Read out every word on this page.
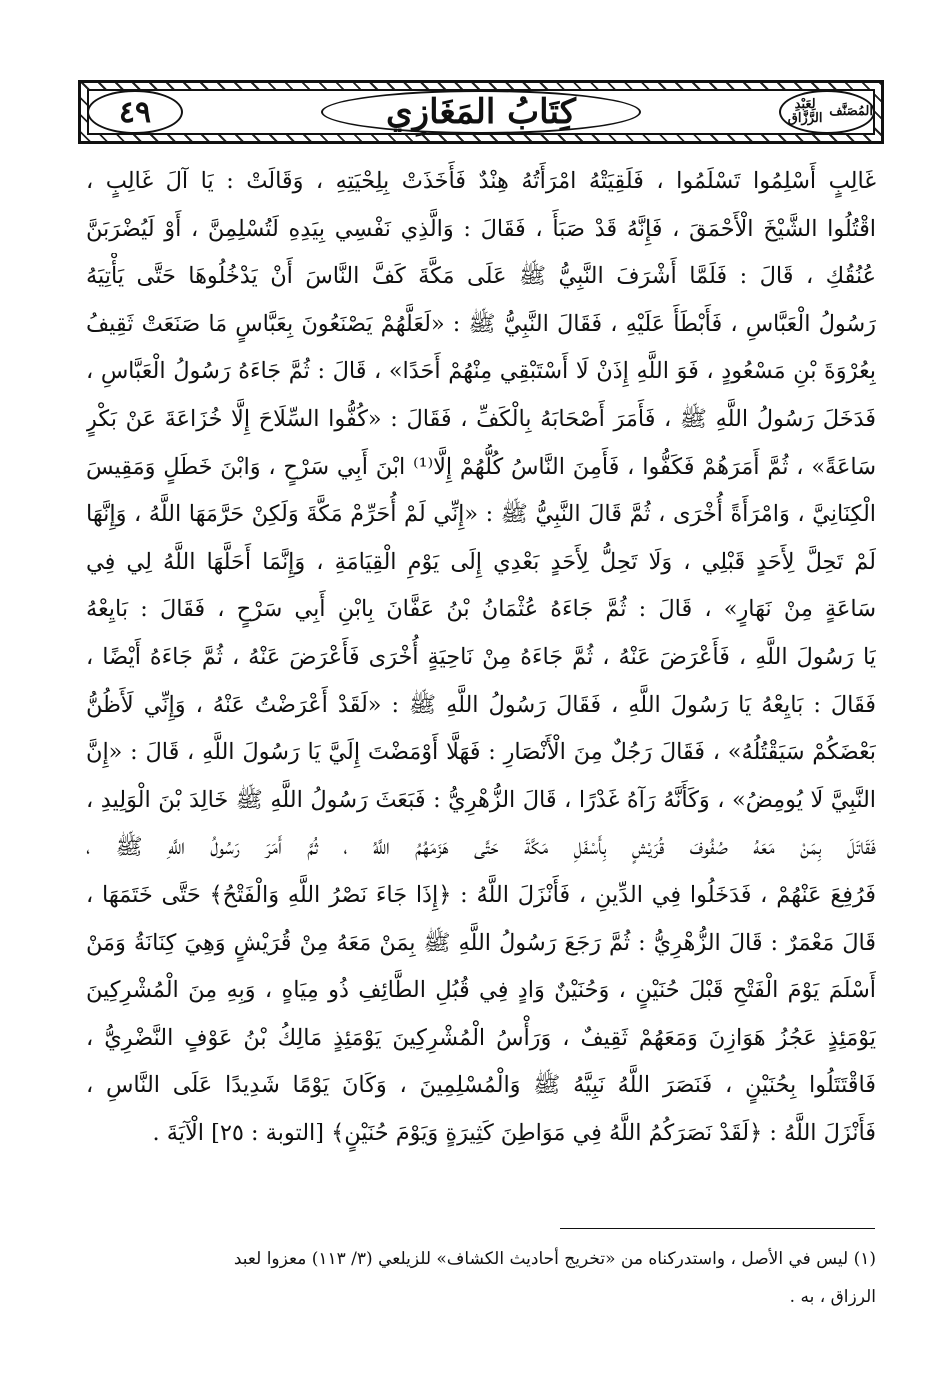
٤٩	كِتَابُ المَغَازِي	المُصَنَّف
لِعَبْدِ الرَّزَّاق
غَالِبٍ أَسْلِمُوا تَسْلَمُوا ، فَلَقِيَتْهُ امْرَأَتُهُ هِنْدٌ فَأَخَذَتْ بِلِحْيَتِهِ ، وَقَالَتْ : يَا آلَ غَالِبٍ ،
اقْتُلُوا الشَّيْخَ الْأَحْمَقَ ، فَإِنَّهُ قَدْ صَبَأَ ، فَقَالَ : وَالَّذِي نَفْسِي بِيَدِهِ لَتُسْلِمِنَّ ، أَوْ لَيُضْرَبَنَّ
عُنُقُكِ ، قَالَ : فَلَمَّا أَشْرَفَ النَّبِيُّ ﷺ عَلَى مَكَّةَ كَفَّ النَّاسَ أَنْ يَدْخُلُوهَا حَتَّى يَأْتِيَهُ
رَسُولُ الْعَبَّاسِ ، فَأَبْطَأَ عَلَيْهِ ، فَقَالَ النَّبِيُّ ﷺ : «لَعَلَّهُمْ يَصْنَعُونَ بِعَبَّاسٍ مَا صَنَعَتْ ثَقِيفُ
بِعُرْوَةَ بْنِ مَسْعُودٍ ، فَوَ اللَّهِ إِذَنْ لَا أَسْتَبْقِي مِنْهُمْ أَحَدًا» ، قَالَ : ثُمَّ جَاءَهُ رَسُولُ الْعَبَّاسِ ،
فَدَخَلَ رَسُولُ اللَّهِ ﷺ ، فَأَمَرَ أَصْحَابَهُ بِالْكَفِّ ، فَقَالَ : «كُفُّوا السِّلَاحَ إِلَّا خُزَاعَةَ عَنْ بَكْرٍ
سَاعَةً» ، ثُمَّ أَمَرَهُمْ فَكَفُّوا ، فَأَمِنَ النَّاسُ كُلُّهُمْ إِلَّا⁽¹⁾ ابْنَ أَبِي سَرْحٍ ، وَابْنَ خَطَلٍ وَمَقِيسَ
الْكِنَانِيَّ ، وَامْرَأَةً أُخْرَى ، ثُمَّ قَالَ النَّبِيُّ ﷺ : «إِنِّي لَمْ أُحَرِّمْ مَكَّةَ وَلَكِنْ حَرَّمَهَا اللَّهُ ، وَإِنَّهَا
لَمْ تَحِلَّ لِأَحَدٍ قَبْلِي ، وَلَا تَحِلُّ لِأَحَدٍ بَعْدِي إِلَى يَوْمِ الْقِيَامَةِ ، وَإِنَّمَا أَحَلَّهَا اللَّهُ لِي فِي
سَاعَةٍ مِنْ نَهَارٍ» ، قَالَ : ثُمَّ جَاءَهُ عُثْمَانُ بْنُ عَفَّانَ بِابْنِ أَبِي سَرْحٍ ، فَقَالَ : بَايِعْهُ
يَا رَسُولَ اللَّهِ ، فَأَعْرَضَ عَنْهُ ، ثُمَّ جَاءَهُ مِنْ نَاحِيَةٍ أُخْرَى فَأَعْرَضَ عَنْهُ ، ثُمَّ جَاءَهُ أَيْضًا ،
فَقَالَ : بَايِعْهُ يَا رَسُولَ اللَّهِ ، فَقَالَ رَسُولُ اللَّهِ ﷺ : «لَقَدْ أَعْرَضْتُ عَنْهُ ، وَإِنِّي لَأَظُنُّ
بَعْضَكُمْ سَيَقْتُلُهُ» ، فَقَالَ رَجُلٌ مِنَ الْأَنْصَارِ : فَهَلَّا أَوْمَضْتَ إِلَيَّ يَا رَسُولَ اللَّهِ ، قَالَ : «إِنَّ
النَّبِيَّ لَا يُومِضُ» ، وَكَأَنَّهُ رَآهُ غَدْرًا ، قَالَ الزُّهْرِيُّ : فَبَعَثَ رَسُولُ اللَّهِ ﷺ خَالِدَ بْنَ الْوَلِيدِ ،
فَقَاتَلَ بِمَنْ مَعَهُ صُفُوفَ قُرَيْشٍ بِأَسْفَلِ مَكَّةَ حَتَّى هَزَمَهُمُ اللَّهُ ، ثُمَّ أَمَرَ رَسُولُ اللَّهِ ﷺ ،
فَرُفِعَ عَنْهُمْ ، فَدَخَلُوا فِي الدِّينِ ، فَأَنْزَلَ اللَّهُ : ﴿إِذَا جَاءَ نَصْرُ اللَّهِ وَالْفَتْحُ﴾ حَتَّى خَتَمَهَا ،
قَالَ مَعْمَرٌ : قَالَ الزُّهْرِيُّ : ثُمَّ رَجَعَ رَسُولُ اللَّهِ ﷺ بِمَنْ مَعَهُ مِنْ قُرَيْشٍ وَهِيَ كِنَانَةُ وَمَنْ
أَسْلَمَ يَوْمَ الْفَتْحِ قَبْلَ حُنَيْنٍ ، وَحُنَيْنٌ وَادٍ فِي قُبُلِ الطَّائِفِ ذُو مِيَاهٍ ، وَبِهِ مِنَ الْمُشْرِكِينَ
يَوْمَئِذٍ عَجُزُ هَوَازِنَ وَمَعَهُمْ ثَقِيفٌ ، وَرَأْسُ الْمُشْرِكِينَ يَوْمَئِذٍ مَالِكُ بْنُ عَوْفٍ النَّضْرِيُّ ،
فَاقْتَتَلُوا بِحُنَيْنٍ ، فَنَصَرَ اللَّهُ نَبِيَّهُ ﷺ وَالْمُسْلِمِينَ ، وَكَانَ يَوْمًا شَدِيدًا عَلَى النَّاسِ ،
فَأَنْزَلَ اللَّهُ : ﴿لَقَدْ نَصَرَكُمُ اللَّهُ فِي مَوَاطِنَ كَثِيرَةٍ وَيَوْمَ حُنَيْنٍ﴾ [التوبة : ٢٥] الْآيَةَ .
(١) ليس في الأصل ، واستدركناه من «تخريج أحاديث الكشاف» للزيلعي (٣/ ١١٣) معزوا لعبد
الرزاق ، به .
